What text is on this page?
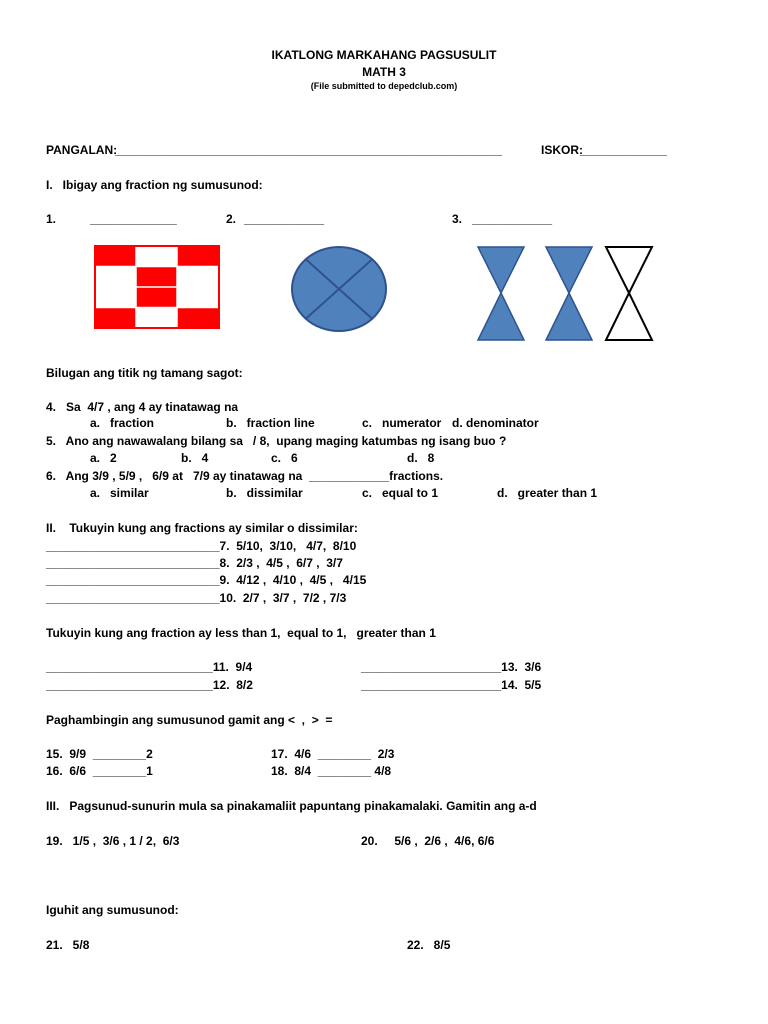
IKATLONG MARKAHANG PAGSUSULIT
MATH 3
(File submitted to depedclub.com)
PANGALAN:
__________________________________________________________	ISKOR:
_____________
I.   Ibigay ang fraction ng sumusunod:
1.	_____________	2. ____________	3. ____________
Bilugan ang titik ng tamang sagot:
4.   Sa  4/7 , ang 4 ay tinatawag na
a.   fraction	b.   fraction line	c.   numerator d. denominator
5.   Ano ang nawawalang bilang sa   / 8,  upang maging katumbas ng isang buo ?
a.   2	b.   4	c.   6	d.   8
6.   Ang 3/9 , 5/9 ,   6/9 at   7/9 ay tinatawag na  ____________fractions.
a.   similar	b.   dissimilar	c.   equal to 1	d.   greater than 1
II.    Tukuyin kung ang fractions ay similar o dissimilar:
__________________________7.  5/10,  3/10,   4/7,  8/10
__________________________8.  2/3 ,  4/5 ,  6/7 ,  3/7
__________________________9.  4/12 ,  4/10 ,  4/5 ,   4/15
__________________________10.  2/7 ,  3/7 ,  7/2 , 7/3
Tukuyin kung ang fraction ay less than 1,  equal to 1,   greater than 1
_________________________11.  9/4
_________________________12.  8/2
_____________________13.  3/6
_____________________14.  5/5
Paghambingin ang sumusunod gamit ang <  ,  >  =
15.  9/9  ________2
16.  6/6  ________1
17.  4/6  ________  2/3
18.  8/4  ________ 4/8
III.   Pagsunud-sunurin mula sa pinakamaliit papuntang pinakamalaki. Gamitin ang a-d
19.   1/5 ,  3/6 , 1 / 2,  6/3	20.     5/6 ,  2/6 ,  4/6, 6/6
Iguhit ang sumusunod:
21.   5/8	22.   8/5
